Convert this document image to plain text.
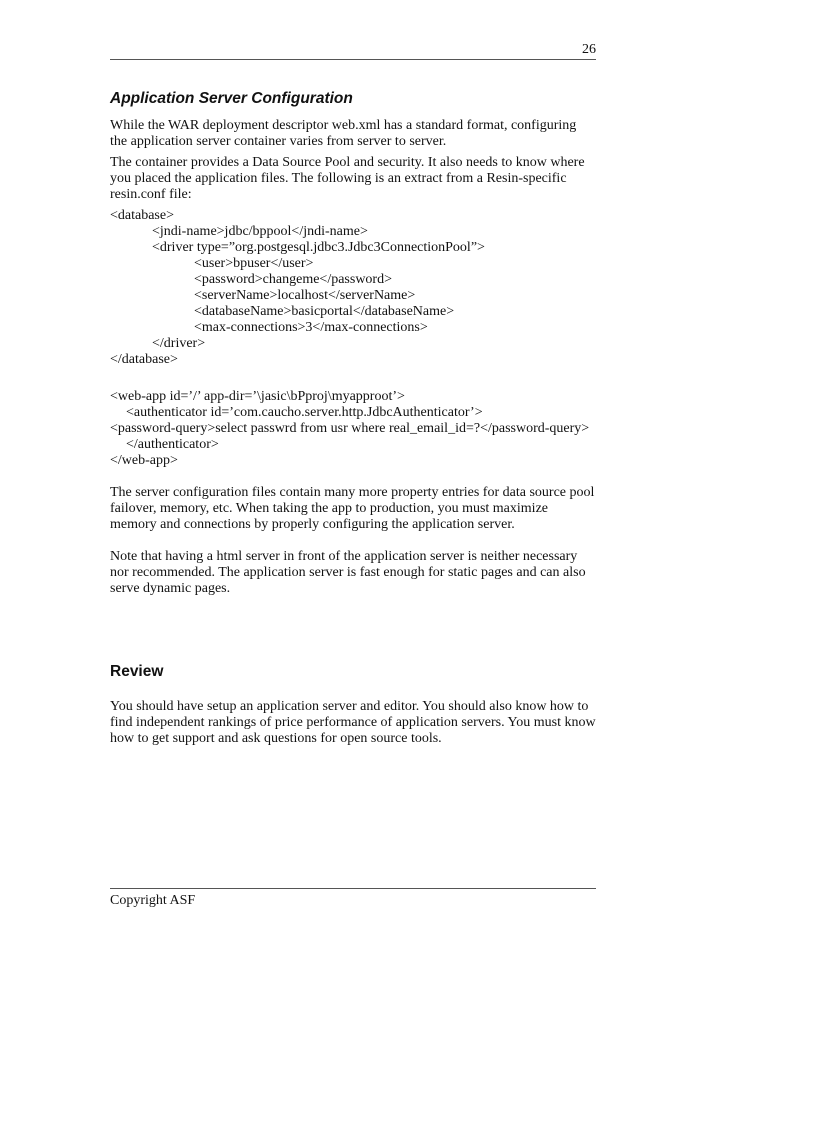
26
Application Server Configuration

While the WAR deployment descriptor web.xml has a standard format, configuring the application server container varies from server to server.

The container provides a Data Source Pool and security. It also needs to know where you placed the application files. The following is an extract from a Resin-specific resin.conf file:

<database>
<jndi-name>jdbc/bppool</jndi-name>
<driver type=”org.postgesql.jdbc3.Jdbc3ConnectionPool”>
<user>bpuser</user>
<password>changeme</password>
<serverName>localhost</serverName>
<databaseName>basicportal</databaseName>
<max-connections>3</max-connections>
</driver>
</database>
<web-app id=’/’ app-dir=’\jasic\bPproj\myapproot’>
<authenticator id=’com.caucho.server.http.JdbcAuthenticator’>
<password-query>select passwrd from usr where real_email_id=?</password-query>
</authenticator>
</web-app>

The server configuration files contain many more property entries for data source pool failover, memory, etc. When taking the app to production, you must maximize memory and connections by properly configuring the application server.

Note that having a html server in front of the application server is neither necessary nor recommended. The application server is fast enough for static pages and can also serve dynamic pages.

Review

You should have setup an application server and editor. You should also know how to find independent rankings of price performance of application servers. You must know how to get support and ask questions for open source tools.

Copyright ASF
